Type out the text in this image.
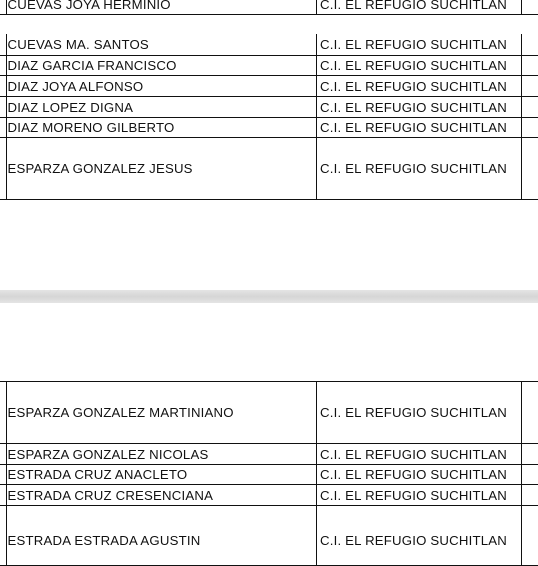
CUEVAS JOYA HERMINIO	C.I. EL REFUGIO SUCHITLAN
CUEVAS MA. SANTOS	C.I. EL REFUGIO SUCHITLAN
DIAZ GARCIA FRANCISCO	C.I. EL REFUGIO SUCHITLAN
DIAZ JOYA ALFONSO	C.I. EL REFUGIO SUCHITLAN
DIAZ LOPEZ DIGNA	C.I. EL REFUGIO SUCHITLAN
DIAZ MORENO GILBERTO	C.I. EL REFUGIO SUCHITLAN
ESPARZA GONZALEZ JESUS	C.I. EL REFUGIO SUCHITLAN
ESPARZA GONZALEZ MARTINIANO	C.I. EL REFUGIO SUCHITLAN
ESPARZA GONZALEZ NICOLAS	C.I. EL REFUGIO SUCHITLAN
ESTRADA CRUZ ANACLETO	C.I. EL REFUGIO SUCHITLAN
ESTRADA CRUZ CRESENCIANA	C.I. EL REFUGIO SUCHITLAN
ESTRADA ESTRADA AGUSTIN	C.I. EL REFUGIO SUCHITLAN
